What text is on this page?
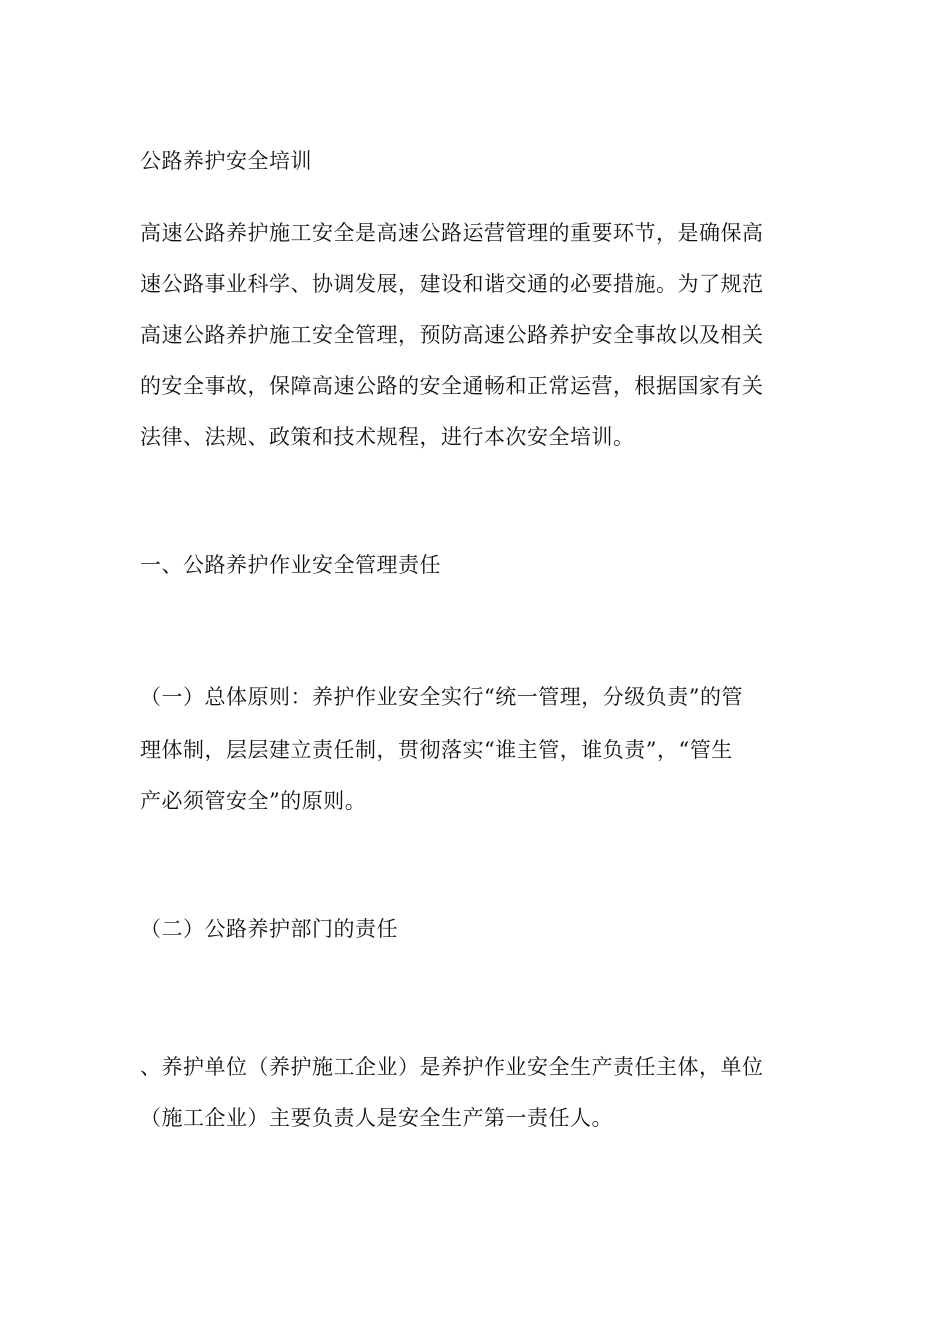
公路养护安全培训
高速公路养护施工安全是高速公路运营管理的重要环节，是确保高
速公路事业科学、协调发展，建设和谐交通的必要措施。为了规范
高速公路养护施工安全管理，预防高速公路养护安全事故以及相关
的安全事故，保障高速公路的安全通畅和正常运营，根据国家有关
法律、法规、政策和技术规程，进行本次安全培训。
一、公路养护作业安全管理责任
（一）总体原则：养护作业安全实行“统一管理，分级负责”的管
理体制，层层建立责任制，贯彻落实“谁主管，谁负责”，“管生
产必须管安全”的原则。
（二）公路养护部门的责任
、养护单位（养护施工企业）是养护作业安全生产责任主体，单位
（施工企业）主要负责人是安全生产第一责任人。
